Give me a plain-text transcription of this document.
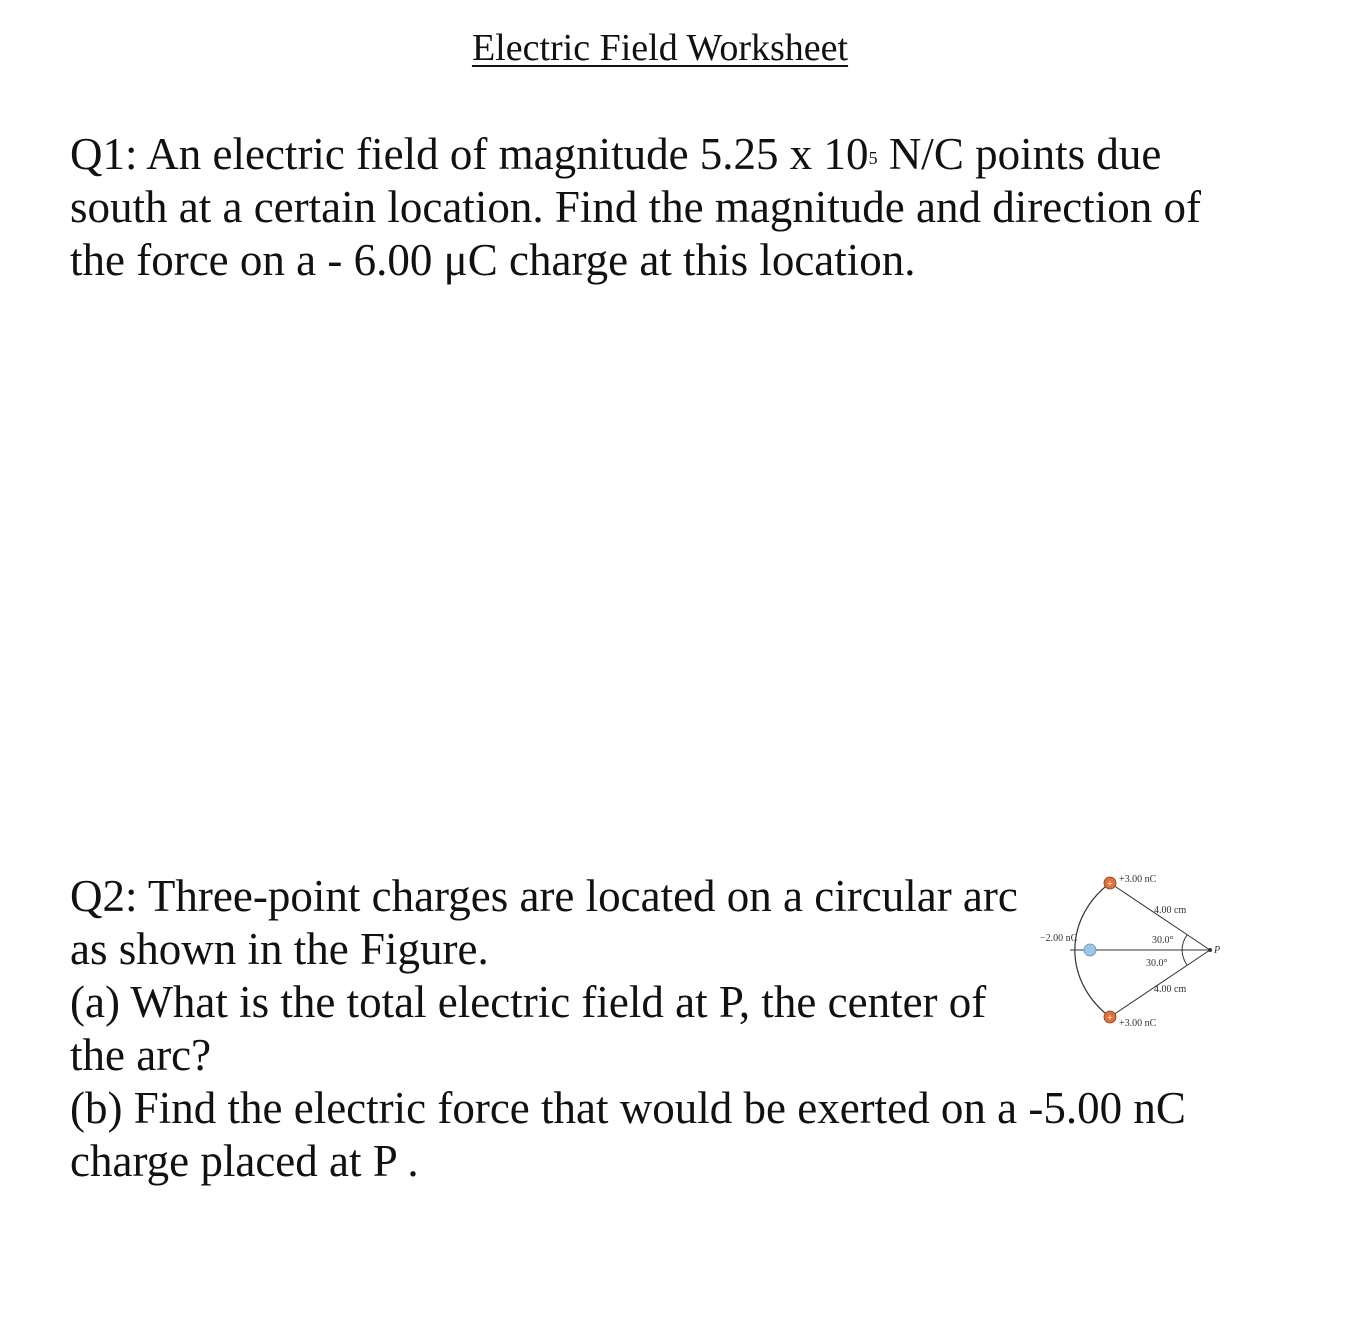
Electric Field Worksheet
Q1: An electric field of magnitude 5.25 x $10^5$ N/C points due
south at a certain location. Find the magnitude and direction of
the force on a - 6.00 μC charge at this location.
Q2: Three-point charges are located on a circular arc
as shown in the Figure.
(a) What is the total electric field at P, the center of
the arc?
(b) Find the electric force that would be exerted on a -5.00 nC
charge placed at P .
+
+
+3.00 nC
+3.00 nC
−2.00 nC
4.00 cm
4.00 cm
30.0°
30.0°
P
